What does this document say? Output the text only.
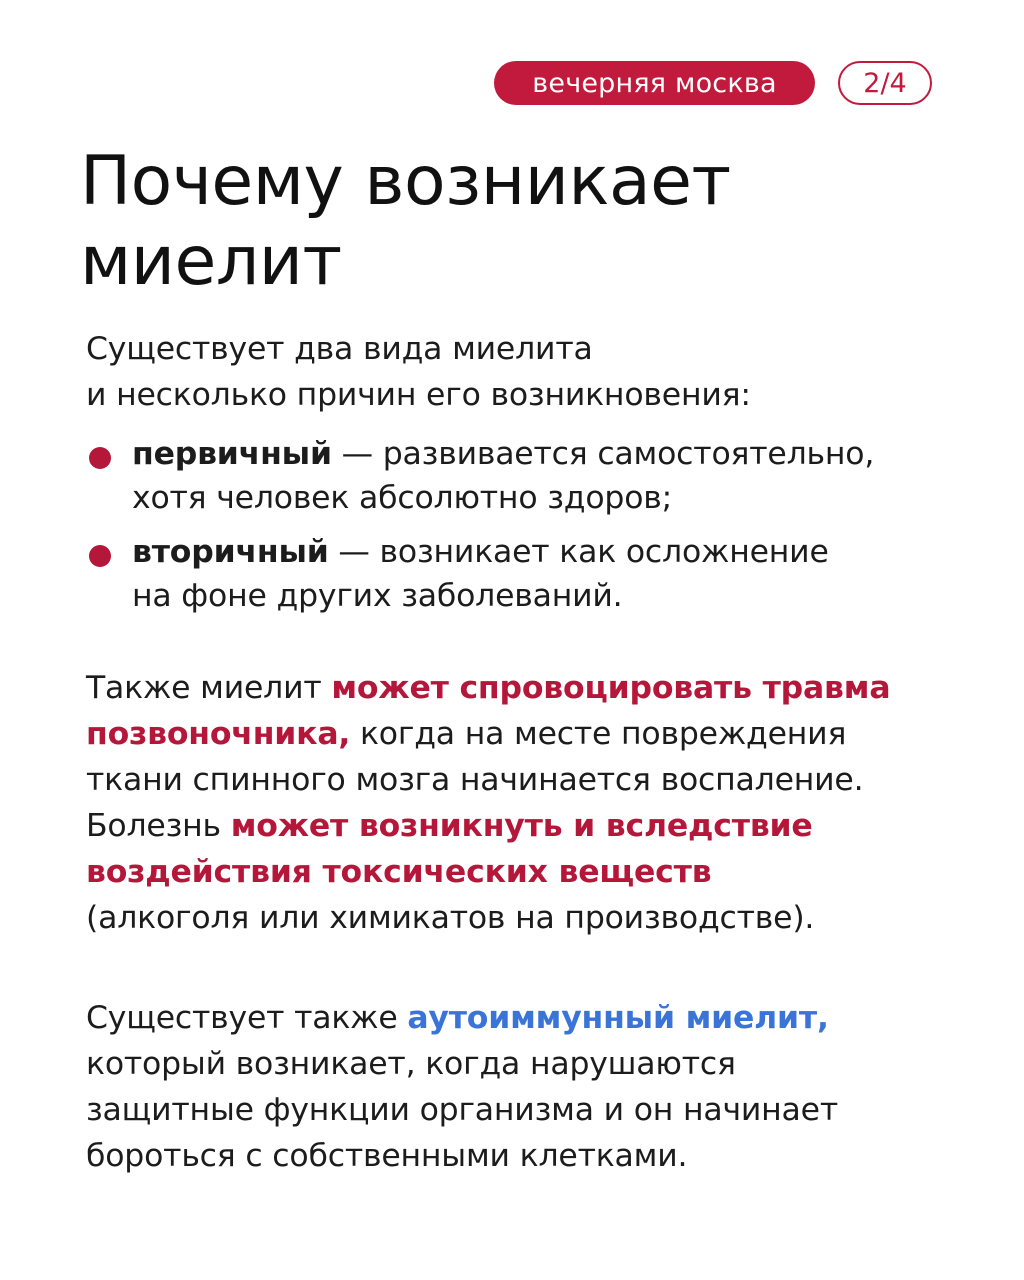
вечерняя москва	2/4
Почему возникает
миелит
Существует два вида миелита
и несколько причин его возникновения:
первичный — развивается самостоятельно,
хотя человек абсолютно здоров;
вторичный — возникает как осложнение
на фоне других заболеваний.
Также миелит может спровоцировать травма
позвоночника, когда на месте повреждения
ткани спинного мозга начинается воспаление.
Болезнь может возникнуть и вследствие
воздействия токсических веществ
(алкоголя или химикатов на производстве).
Существует также аутоиммунный миелит,
который возникает, когда нарушаются
защитные функции организма и он начинает
бороться с собственными клетками.
